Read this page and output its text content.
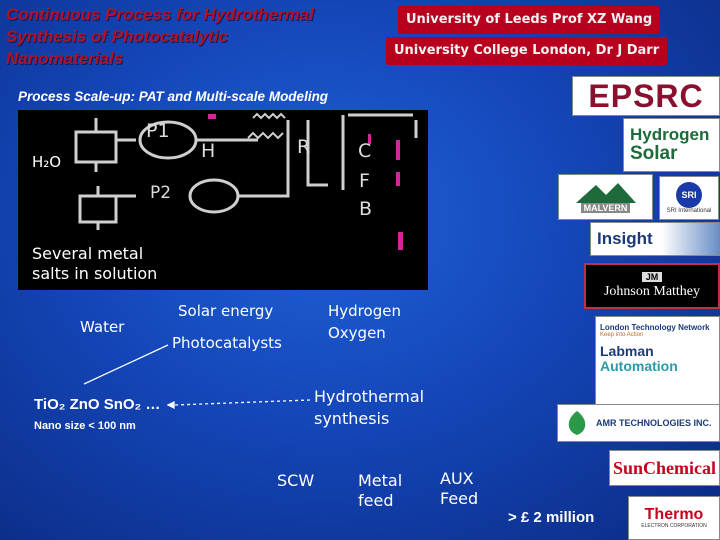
Continuous Process for Hydrothermal
Synthesis of Photocatalytic
Nanomaterials
University of Leeds Prof XZ Wang
University College London, Dr J Darr
Process Scale-up: PAT and Multi-scale Modeling
H₂O
P1
P2
H	R	C
F
B
Several metal
salts in solution
Water
Solar energy
Photocatalysts
Hydrogen
Oxygen
Hydrothermal
synthesis
TiO₂ ZnO SnO₂ …
Nano size < 100 nm
SCW	Metal
feed
AUX
Feed
> £ 2 million
EPSRC
Hydrogen
Solar
MALVERN
SRI
SRI International
Insight
JM
Johnson Matthey
London Technology Network
Keep into Action
Labman
Automation
AMR TECHNOLOGIES INC.
SunChemical
Thermo
ELECTRON CORPORATION
